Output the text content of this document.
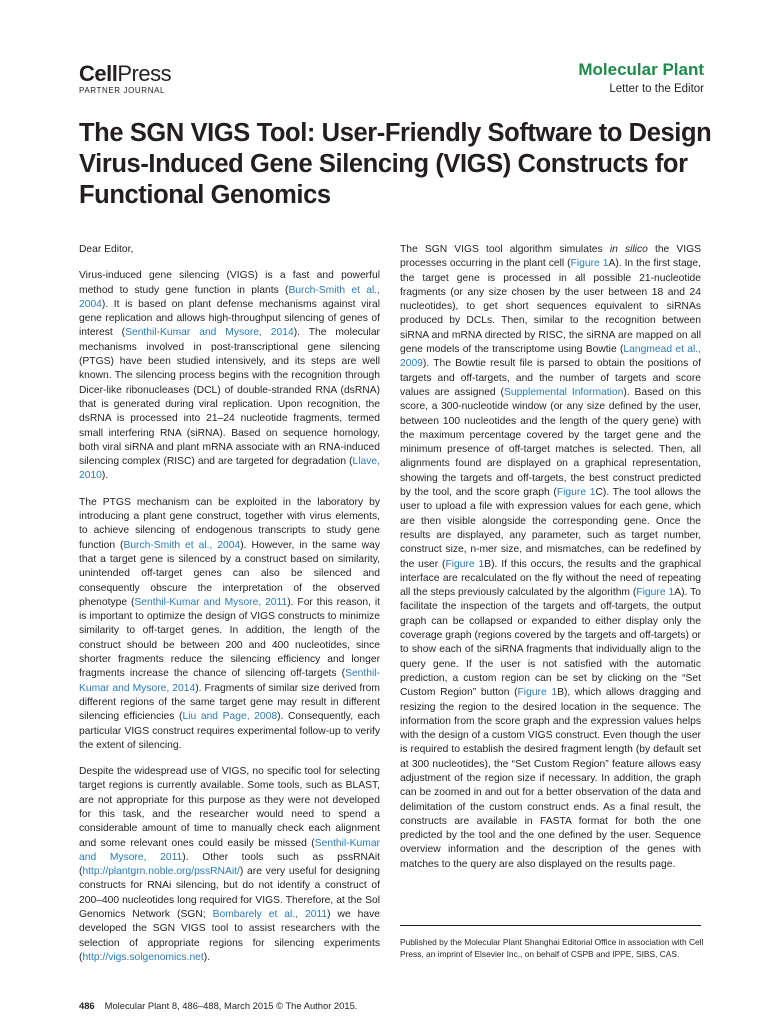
CellPress
PARTNER JOURNAL
Molecular Plant
Letter to the Editor
The SGN VIGS Tool: User-Friendly Software to Design Virus-Induced Gene Silencing (VIGS) Constructs for Functional Genomics

Dear Editor,

Virus-induced gene silencing (VIGS) is a fast and powerful method to study gene function in plants (Burch-Smith et al., 2004). It is based on plant defense mechanisms against viral gene replication and allows high-throughput silencing of genes of interest (Senthil-Kumar and Mysore, 2014). The molecular mechanisms involved in post-transcriptional gene silencing (PTGS) have been studied intensively, and its steps are well known. The silencing process begins with the recognition through Dicer-like ribonucleases (DCL) of double-stranded RNA (dsRNA) that is generated during viral replication. Upon recognition, the dsRNA is processed into 21–24 nucleotide fragments, termed small interfering RNA (siRNA). Based on sequence homology, both viral siRNA and plant mRNA associate with an RNA-induced silencing complex (RISC) and are targeted for degradation (Llave, 2010).

The PTGS mechanism can be exploited in the laboratory by introducing a plant gene construct, together with virus elements, to achieve silencing of endogenous transcripts to study gene function (Burch-Smith et al., 2004). However, in the same way that a target gene is silenced by a construct based on similarity, unintended off-target genes can also be silenced and consequently obscure the interpretation of the observed phenotype (Senthil-Kumar and Mysore, 2011). For this reason, it is important to optimize the design of VIGS constructs to minimize similarity to off-target genes. In addition, the length of the construct should be between 200 and 400 nucleotides, since shorter fragments reduce the silencing efficiency and longer fragments increase the chance of silencing off-targets (Senthil-Kumar and Mysore, 2014). Fragments of similar size derived from different regions of the same target gene may result in different silencing efficiencies (Liu and Page, 2008). Consequently, each particular VIGS construct requires experimental follow-up to verify the extent of silencing.

Despite the widespread use of VIGS, no specific tool for selecting target regions is currently available. Some tools, such as BLAST, are not appropriate for this purpose as they were not developed for this task, and the researcher would need to spend a considerable amount of time to manually check each alignment and some relevant ones could easily be missed (Senthil-Kumar and Mysore, 2011). Other tools such as pssRNAit (http://plantgrn.noble.org/pssRNAit/) are very useful for designing constructs for RNAi silencing, but do not identify a construct of 200–400 nucleotides long required for VIGS. Therefore, at the Sol Genomics Network (SGN; Bombarely et al., 2011) we have developed the SGN VIGS tool to assist researchers with the selection of appropriate regions for silencing experiments (http://vigs.solgenomics.net).

The SGN VIGS tool algorithm simulates in silico the VIGS processes occurring in the plant cell (Figure 1A). In the first stage, the target gene is processed in all possible 21-nucleotide fragments (or any size chosen by the user between 18 and 24 nucleotides), to get short sequences equivalent to siRNAs produced by DCLs. Then, similar to the recognition between siRNA and mRNA directed by RISC, the siRNA are mapped on all gene models of the transcriptome using Bowtie (Langmead et al., 2009). The Bowtie result file is parsed to obtain the positions of targets and off-targets, and the number of targets and score values are assigned (Supplemental Information). Based on this score, a 300-nucleotide window (or any size defined by the user, between 100 nucleotides and the length of the query gene) with the maximum percentage covered by the target gene and the minimum presence of off-target matches is selected. Then, all alignments found are displayed on a graphical representation, showing the targets and off-targets, the best construct predicted by the tool, and the score graph (Figure 1C). The tool allows the user to upload a file with expression values for each gene, which are then visible alongside the corresponding gene. Once the results are displayed, any parameter, such as target number, construct size, n-mer size, and mismatches, can be redefined by the user (Figure 1B). If this occurs, the results and the graphical interface are recalculated on the fly without the need of repeating all the steps previously calculated by the algorithm (Figure 1A). To facilitate the inspection of the targets and off-targets, the output graph can be collapsed or expanded to either display only the coverage graph (regions covered by the targets and off-targets) or to show each of the siRNA fragments that individually align to the query gene. If the user is not satisfied with the automatic prediction, a custom region can be set by clicking on the “Set Custom Region” button (Figure 1B), which allows dragging and resizing the region to the desired location in the sequence. The information from the score graph and the expression values helps with the design of a custom VIGS construct. Even though the user is required to establish the desired fragment length (by default set at 300 nucleotides), the “Set Custom Region” feature allows easy adjustment of the region size if necessary. In addition, the graph can be zoomed in and out for a better observation of the data and delimitation of the custom construct ends. As a final result, the constructs are available in FASTA format for both the one predicted by the tool and the one defined by the user. Sequence overview information and the description of the genes with matches to the query are also displayed on the results page.

Published by the Molecular Plant Shanghai Editorial Office in association with Cell Press, an imprint of Elsevier Inc., on behalf of CSPB and IPPE, SIBS, CAS.
486 Molecular Plant 8, 486–488, March 2015 © The Author 2015.
